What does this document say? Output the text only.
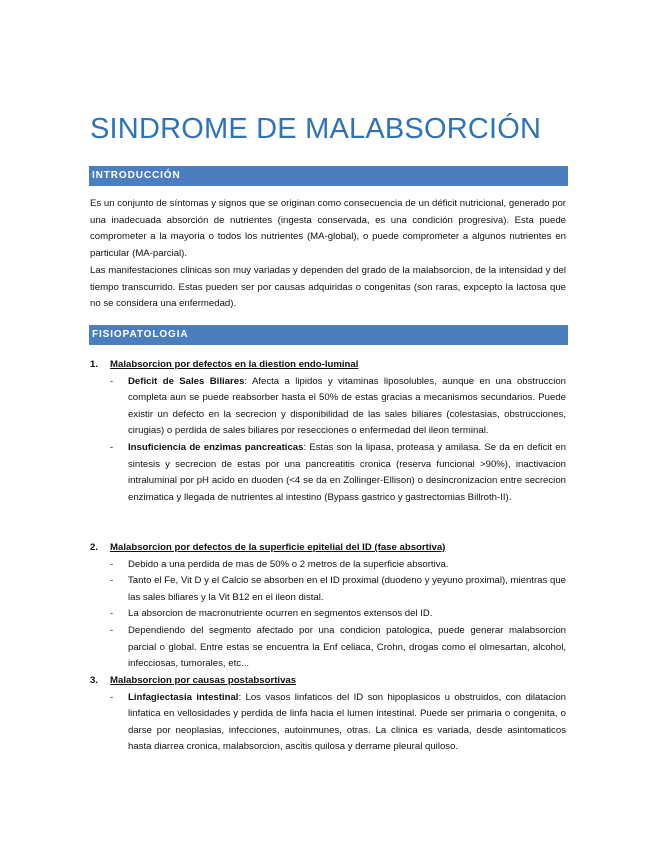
SINDROME DE MALABSORCIÓN
INTRODUCCIÓN

Es un conjunto de síntomas y signos que se originan como consecuencia de un déficit nutricional, generado por una inadecuada absorción de nutrientes (ingesta conservada, es una condición progresiva). Esta puede comprometer a la mayoria o todos los nutrientes (MA-global), o puede comprometer a algunos nutrientes en particular (MA-parcial).

Las manifestaciones clinicas son muy variadas y dependen del grado de la malabsorcion, de la intensidad y del tiempo transcurrido. Estas pueden ser por causas adquiridas o congenitas (son raras, expcepto la lactosa que no se considera una enfermedad).

FISIOPATOLOGIA
1. Malabsorcion por defectos en la diestion endo-luminal
- Deficit de Sales Biliares: Afecta a lipidos y vitaminas liposolubles, aunque en una obstruccion completa aun se puede reabsorber hasta el 50% de estas gracias a mecanismos secundarios. Puede existir un defecto en la secrecion y disponibilidad de las sales biliares (colestasias, obstrucciones, cirugias) o perdida de sales biliares por resecciones o enfermedad del ileon terminal.
- Insuficiencia de enzimas pancreaticas: Estas son la lipasa, proteasa y amilasa. Se da en deficit en sintesis y secrecion de estas por una pancreatitis cronica (reserva funcional >90%), inactivacion intraluminal por pH acido en duoden (<4 se da en Zollinger-Ellison) o desincronizacion entre secrecion enzimatica y llegada de nutrientes al intestino (Bypass gastrico y gastrectomias Billroth-II).
2. Malabsorcion por defectos de la superficie epitelial del ID (fase absortiva)
- Debido a una perdida de mas de 50% o 2 metros de la superficie absortiva.
- Tanto el Fe, Vit D y el Calcio se absorben en el ID proximal (duodeno y yeyuno proximal), mientras que las sales biliares y la Vit B12 en el ileon distal.
- La absorcion de macronutriente ocurren en segmentos extensos del ID.
- Dependiendo del segmento afectado por una condicion patologica, puede generar malabsorcion parcial o global. Entre estas se encuentra la Enf celiaca, Crohn, drogas como el olmesartan, alcohol, infecciosas, tumorales, etc...
3. Malabsorcion por causas postabsortivas
- Linfagiectasia intestinal: Los vasos linfaticos del ID son hipoplasicos u obstruidos, con dilatacion linfatica en vellosidades y perdida de linfa hacia el lumen intestinal. Puede ser primaria o congenita, o darse por neoplasias, infecciones, autoinmunes, otras. La clinica es variada, desde asintomaticos hasta diarrea cronica, malabsorcion, ascitis quilosa y derrame pleural quiloso.
